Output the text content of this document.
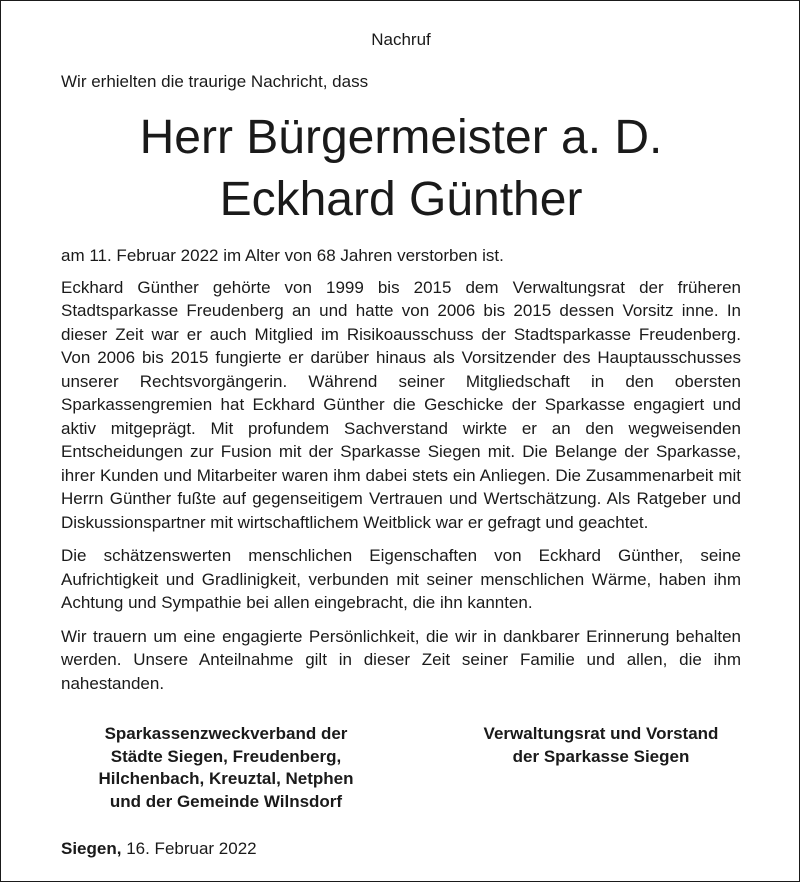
Nachruf
Wir erhielten die traurige Nachricht, dass
Herr Bürgermeister a. D.
Eckhard Günther

am 11. Februar 2022 im Alter von 68 Jahren verstorben ist.

Eckhard Günther gehörte von 1999 bis 2015 dem Verwaltungsrat der früheren Stadtsparkasse Freudenberg an und hatte von 2006 bis 2015 dessen Vorsitz inne. In dieser Zeit war er auch Mitglied im Risikoausschuss der Stadtsparkasse Freudenberg. Von 2006 bis 2015 fungierte er darüber hinaus als Vorsitzender des Hauptausschusses unserer Rechtsvorgängerin. Während seiner Mitgliedschaft in den obersten Sparkassengremien hat Eckhard Günther die Geschicke der Sparkasse engagiert und aktiv mitgeprägt. Mit profundem Sachverstand wirkte er an den wegweisenden Entscheidungen zur Fusion mit der Sparkasse Siegen mit. Die Belange der Sparkasse, ihrer Kunden und Mitarbeiter waren ihm dabei stets ein Anliegen. Die Zusammenarbeit mit Herrn Günther fußte auf gegenseitigem Vertrauen und Wertschätzung. Als Ratgeber und Diskussionspartner mit wirtschaftlichem Weitblick war er gefragt und geachtet.

Die schätzenswerten menschlichen Eigenschaften von Eckhard Günther, seine Aufrichtigkeit und Gradlinigkeit, verbunden mit seiner menschlichen Wärme, haben ihm Achtung und Sympathie bei allen eingebracht, die ihn kannten.

Wir trauern um eine engagierte Persönlichkeit, die wir in dankbarer Erinnerung behalten werden. Unsere Anteilnahme gilt in dieser Zeit seiner Familie und allen, die ihm nahestanden.

Sparkassenzweckverband der
Städte Siegen, Freudenberg,
Hilchenbach, Kreuztal, Netphen
und der Gemeinde Wilnsdorf
Verwaltungsrat und Vorstand
der Sparkasse Siegen
Siegen, 16. Februar 2022
